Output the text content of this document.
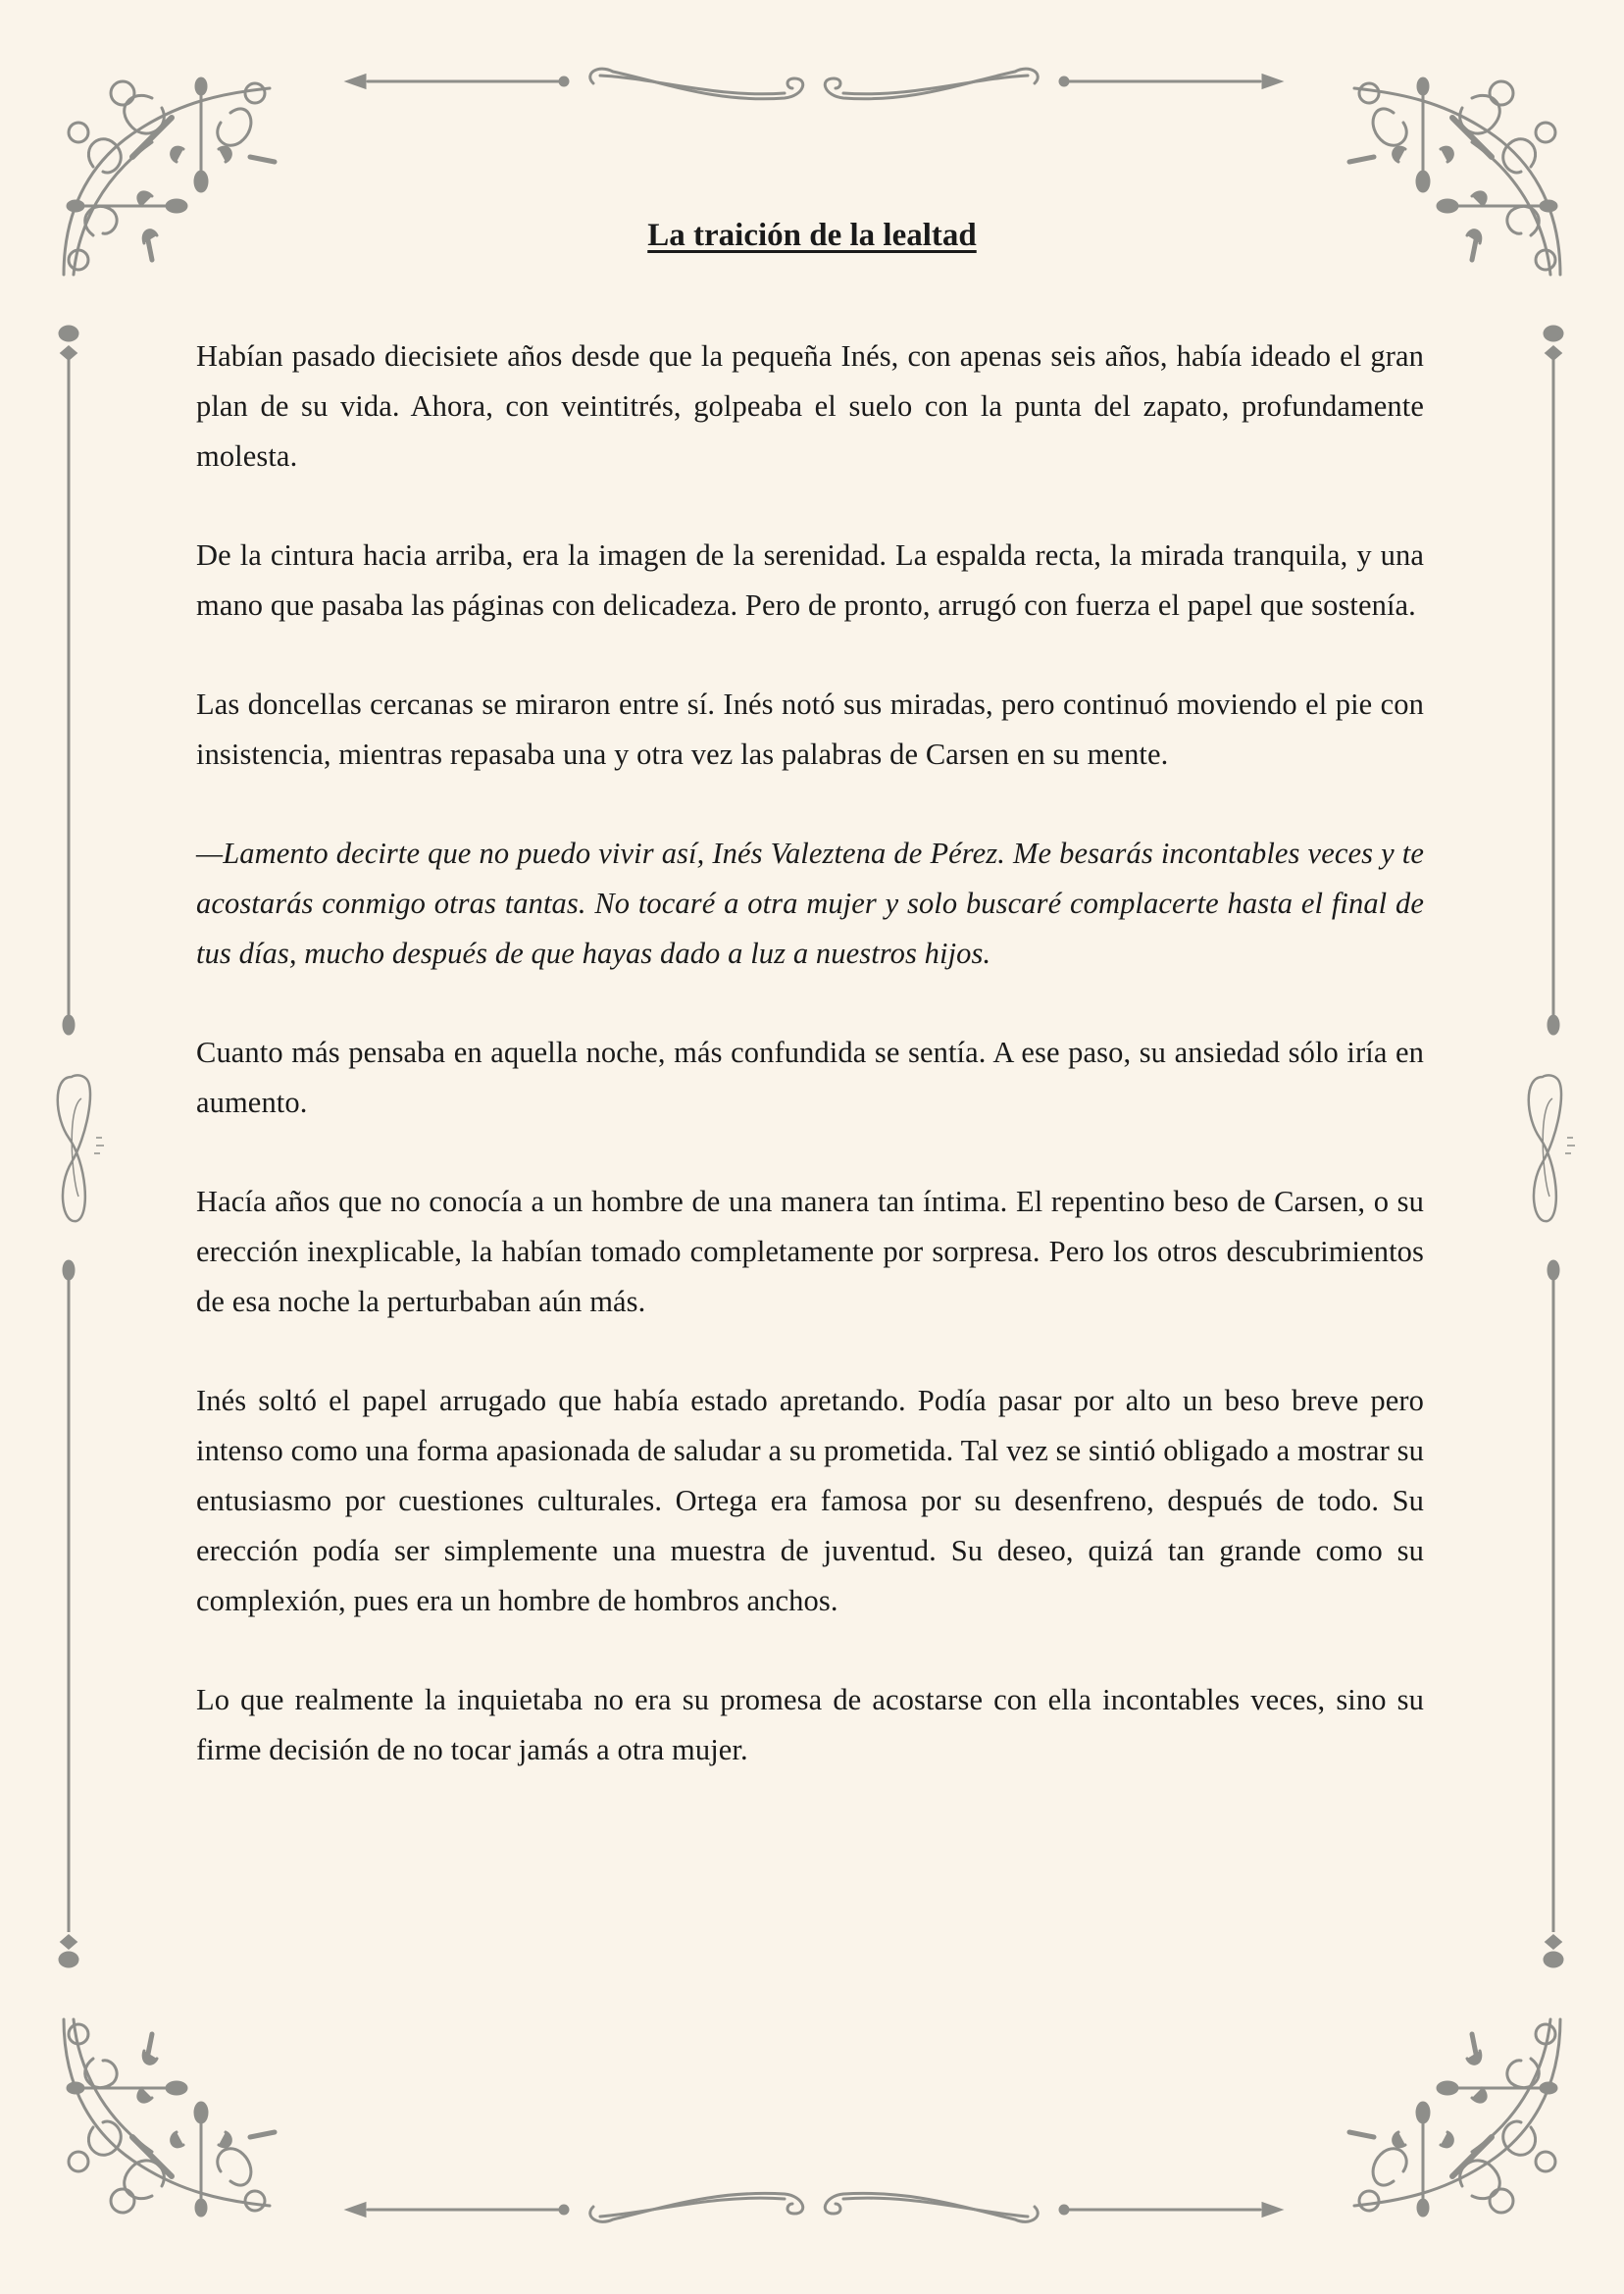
La traición de la lealtad

Habían pasado diecisiete años desde que la pequeña Inés, con apenas seis años, había ideado el gran plan de su vida. Ahora, con veintitrés, golpeaba el suelo con la punta del zapato, profundamente molesta.

De la cintura hacia arriba, era la imagen de la serenidad. La espalda recta, la mirada tranquila, y una mano que pasaba las páginas con delicadeza. Pero de pronto, arrugó con fuerza el papel que sostenía.

Las doncellas cercanas se miraron entre sí. Inés notó sus miradas, pero continuó moviendo el pie con insistencia, mientras repasaba una y otra vez las palabras de Carsen en su mente.

—Lamento decirte que no puedo vivir así, Inés Valeztena de Pérez. Me besarás incontables veces y te acostarás conmigo otras tantas. No tocaré a otra mujer y solo buscaré complacerte hasta el final de tus días, mucho después de que hayas dado a luz a nuestros hijos.

Cuanto más pensaba en aquella noche, más confundida se sentía. A ese paso, su ansiedad sólo iría en aumento.

Hacía años que no conocía a un hombre de una manera tan íntima. El repentino beso de Carsen, o su erección inexplicable, la habían tomado completamente por sorpresa. Pero los otros descubrimientos de esa noche la perturbaban aún más.

Inés soltó el papel arrugado que había estado apretando. Podía pasar por alto un beso breve pero intenso como una forma apasionada de saludar a su prometida. Tal vez se sintió obligado a mostrar su entusiasmo por cuestiones culturales. Ortega era famosa por su desenfreno, después de todo. Su erección podía ser simplemente una muestra de juventud. Su deseo, quizá tan grande como su complexión, pues era un hombre de hombros anchos.

Lo que realmente la inquietaba no era su promesa de acostarse con ella incontables veces, sino su firme decisión de no tocar jamás a otra mujer.
